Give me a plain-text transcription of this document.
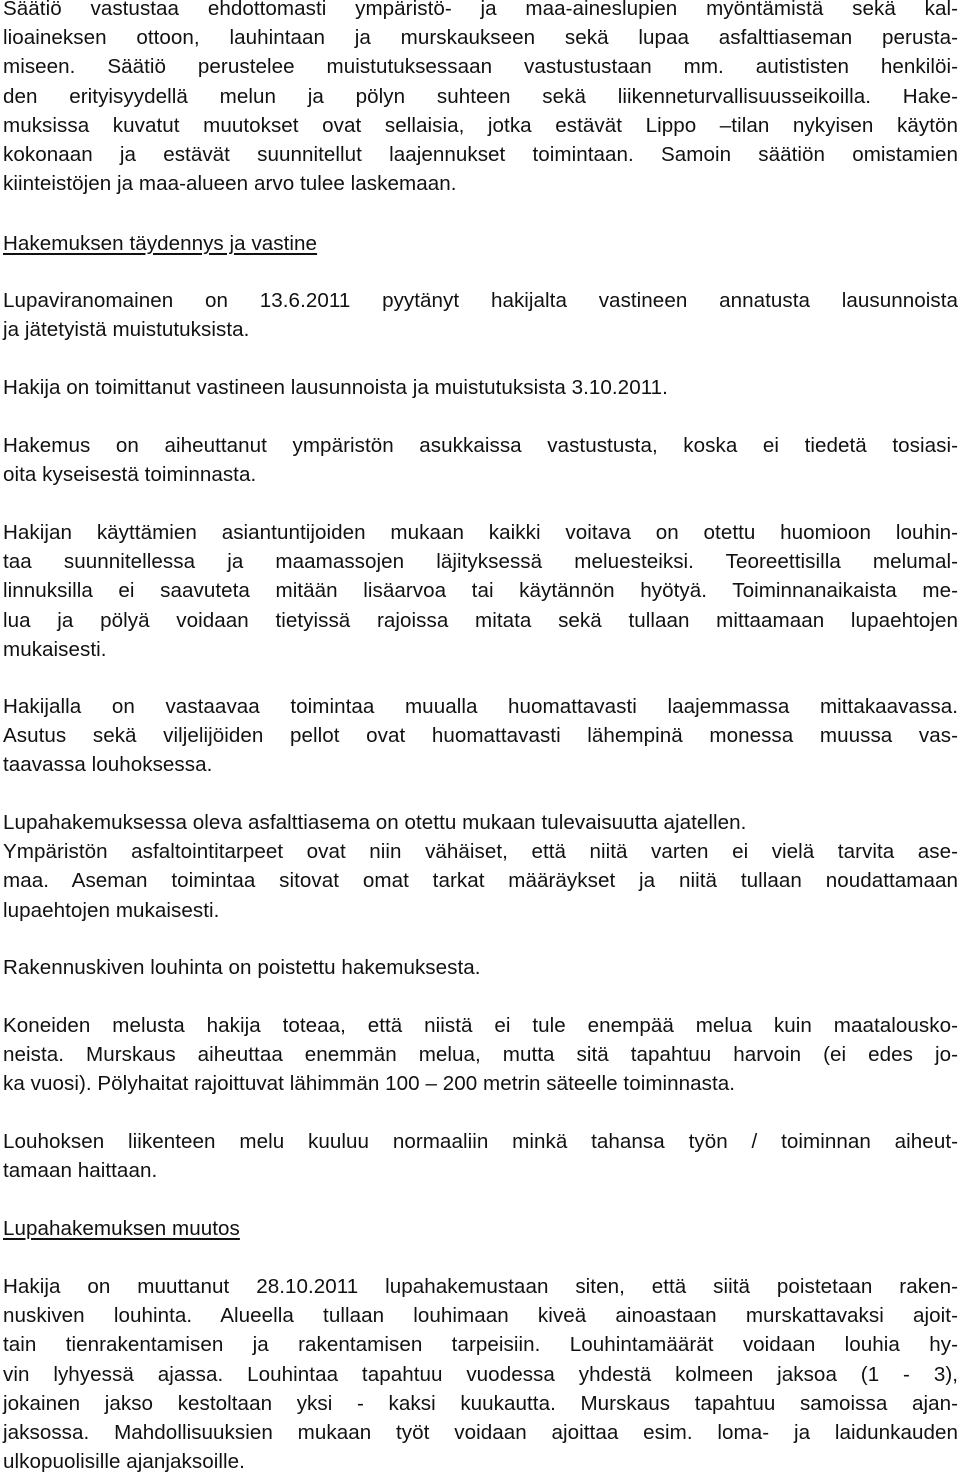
Säätiö vastustaa ehdottomasti ympäristö- ja maa-aineslupien myöntämistä sekä kal-
lioaineksen ottoon, lauhintaan ja murskaukseen sekä lupaa asfalttiaseman perusta-
miseen. Säätiö perustelee muistutuksessaan vastustustaan mm. autististen henkilöi-
den erityisyydellä melun ja pölyn suhteen sekä liikenneturvallisuusseikoilla. Hake-
muksissa kuvatut muutokset ovat sellaisia, jotka estävät Lippo –tilan nykyisen käytön
kokonaan ja estävät suunnitellut laajennukset toimintaan. Samoin säätiön omistamien
kiinteistöjen ja maa-alueen arvo tulee laskemaan.
Hakemuksen täydennys ja vastine
Lupaviranomainen on 13.6.2011 pyytänyt hakijalta vastineen annatusta lausunnoista
ja jätetyistä muistutuksista.
Hakija on toimittanut vastineen lausunnoista ja muistutuksista 3.10.2011.
Hakemus on aiheuttanut ympäristön asukkaissa vastustusta, koska ei tiedetä tosiasi-
oita kyseisestä toiminnasta.
Hakijan käyttämien asiantuntijoiden mukaan kaikki voitava on otettu huomioon louhin-
taa suunnitellessa ja maamassojen läjityksessä meluesteiksi. Teoreettisilla melumal-
linnuksilla ei saavuteta mitään lisäarvoa tai käytännön hyötyä. Toiminnanaikaista me-
lua ja pölyä voidaan tietyissä rajoissa mitata sekä tullaan mittaamaan lupaehtojen
mukaisesti.
Hakijalla on vastaavaa toimintaa muualla huomattavasti laajemmassa mittakaavassa.
Asutus sekä viljelijöiden pellot ovat huomattavasti lähempinä monessa muussa vas-
taavassa louhoksessa.
Lupahakemuksessa oleva asfalttiasema on otettu mukaan tulevaisuutta ajatellen.
Ympäristön asfaltointitarpeet ovat niin vähäiset, että niitä varten ei vielä tarvita ase-
maa. Aseman toimintaa sitovat omat tarkat määräykset ja niitä tullaan noudattamaan
lupaehtojen mukaisesti.
Rakennuskiven louhinta on poistettu hakemuksesta.
Koneiden melusta hakija toteaa, että niistä ei tule enempää melua kuin maatalousko-
neista. Murskaus aiheuttaa enemmän melua, mutta sitä tapahtuu harvoin (ei edes jo-
ka vuosi). Pölyhaitat rajoittuvat lähimmän 100 – 200 metrin säteelle toiminnasta.
Louhoksen liikenteen melu kuuluu normaaliin minkä tahansa työn / toiminnan aiheut-
tamaan haittaan.
Lupahakemuksen muutos
Hakija on muuttanut 28.10.2011 lupahakemustaan siten, että siitä poistetaan raken-
nuskiven louhinta. Alueella tullaan louhimaan kiveä ainoastaan murskattavaksi ajoit-
tain tienrakentamisen ja rakentamisen tarpeisiin. Louhintamäärät voidaan louhia hy-
vin lyhyessä ajassa. Louhintaa tapahtuu vuodessa yhdestä kolmeen jaksoa (1 - 3),
jokainen jakso kestoltaan yksi - kaksi kuukautta. Murskaus tapahtuu samoissa ajan-
jaksossa. Mahdollisuuksien mukaan työt voidaan ajoittaa esim. loma- ja laidunkauden
ulkopuolisille ajanjaksoille.
